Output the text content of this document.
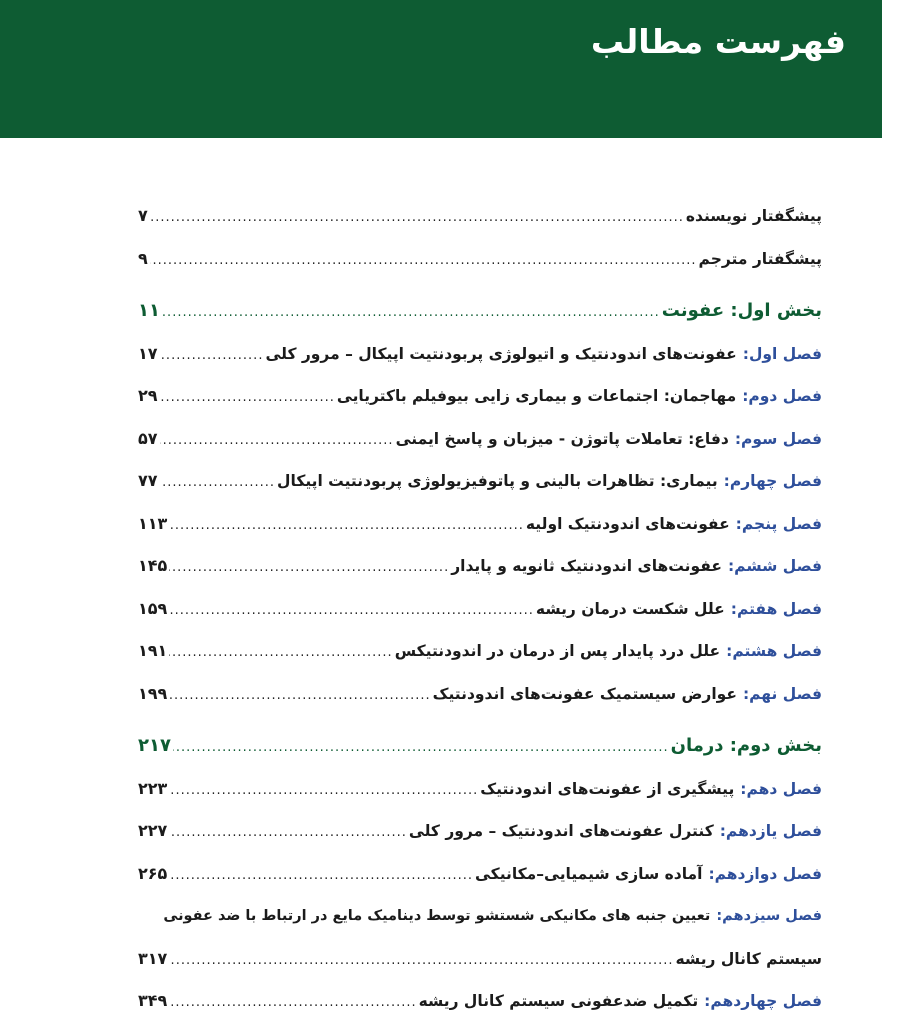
فهرست مطالب
پیشگفتار نویسنده
.....
۷
پیشگفتار مترجم
.....
۹
بخش اول: عفونت
.....
۱۱
فصل اول:عفونت‌های اندودنتیک و اتیولوژی پربودنتیت اپیکال – مرور کلی
.....
۱۷
فصل دوم:مهاجمان: اجتماعات و بیماری زایی بیوفیلم باکتریایی
.....
۲۹
فصل سوم:دفاع: تعاملات پاتوژن - میزبان و پاسخ ایمنی
.....
۵۷
فصل چهارم:بیماری: تظاهرات بالینی و پاتوفیزیولوژی پربودنتیت اپیکال
.....
۷۷
فصل پنجم:عفونت‌های اندودنتیک اولیه
.....
۱۱۳
فصل ششم:عفونت‌های اندودنتیک ثانویه و پایدار
.....
۱۴۵
فصل هفتم:علل شکست درمان ریشه
.....
۱۵۹
فصل هشتم:علل درد پایدار پس از درمان در اندودنتیکس
.....
۱۹۱
فصل نهم:عوارض سیستمیک عفونت‌های اندودنتیک
.....
۱۹۹
بخش دوم: درمان
.....
۲۱۷
فصل دهم:پیشگیری از عفونت‌های اندودنتیک
.....
۲۲۳
فصل یازدهم:کنترل عفونت‌های اندودنتیک – مرور کلی
.....
۲۲۷
فصل دوازدهم:آماده سازی شیمیایی–مکانیکی
.....
۲۶۵
فصل سیزدهم:تعیین جنبه های مکانیکی شستشو توسط دینامیک مایع در ارتباط با ضد عفونی
سیستم کانال ریشه
.....
۳۱۷
فصل چهاردهم:تکمیل ضدعفونی سیستم کانال ریشه
.....
۳۴۹
